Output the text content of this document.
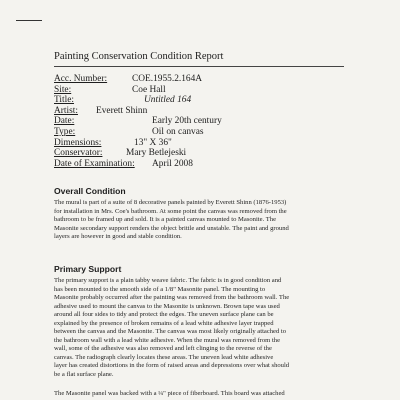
Painting Conservation Condition Report
Acc. Number:	COE.1955.2.164A
Site:	Coe Hall
Title:	Untitled 164
Artist: Everett Shinn
Date:	Early 20th century
Type:	Oil on canvas
Dimensions:	13" X 36"
Conservator:	Mary Betlejeski
Date of Examination: April 2008
Overall Condition
The mural is part of a suite of 8 decorative panels painted by Everett Shinn (1876-1953)
for installation in Mrs. Coe's bathroom. At some point the canvas was removed from the
bathroom to be framed up and sold. It is a painted canvas mounted to Masonite. The
Masonite secondary support renders the object brittle and unstable. The paint and ground
layers are however in good and stable condition.
Primary Support
The primary support is a plain tabby weave fabric. The fabric is in good condition and
has been mounted to the smooth side of a 1/8" Masonite panel. The mounting to
Masonite probably occurred after the painting was removed from the bathroom wall. The
adhesive used to mount the canvas to the Masonite is unknown. Brown tape was used
around all four sides to tidy and protect the edges. The uneven surface plane can be
explained by the presence of broken remains of a lead white adhesive layer trapped
between the canvas and the Masonite. The canvas was most likely originally attached to
the bathroom wall with a lead white adhesive. When the mural was removed from the
wall, some of the adhesive was also removed and left clinging to the reverse of the
canvas. The radiograph clearly locates these areas. The uneven lead white adhesive
layer has created distortions in the form of raised areas and depressions over what should
be a flat surface plane.
The Masonite panel was backed with a ¼" piece of fiberboard. This board was attached
